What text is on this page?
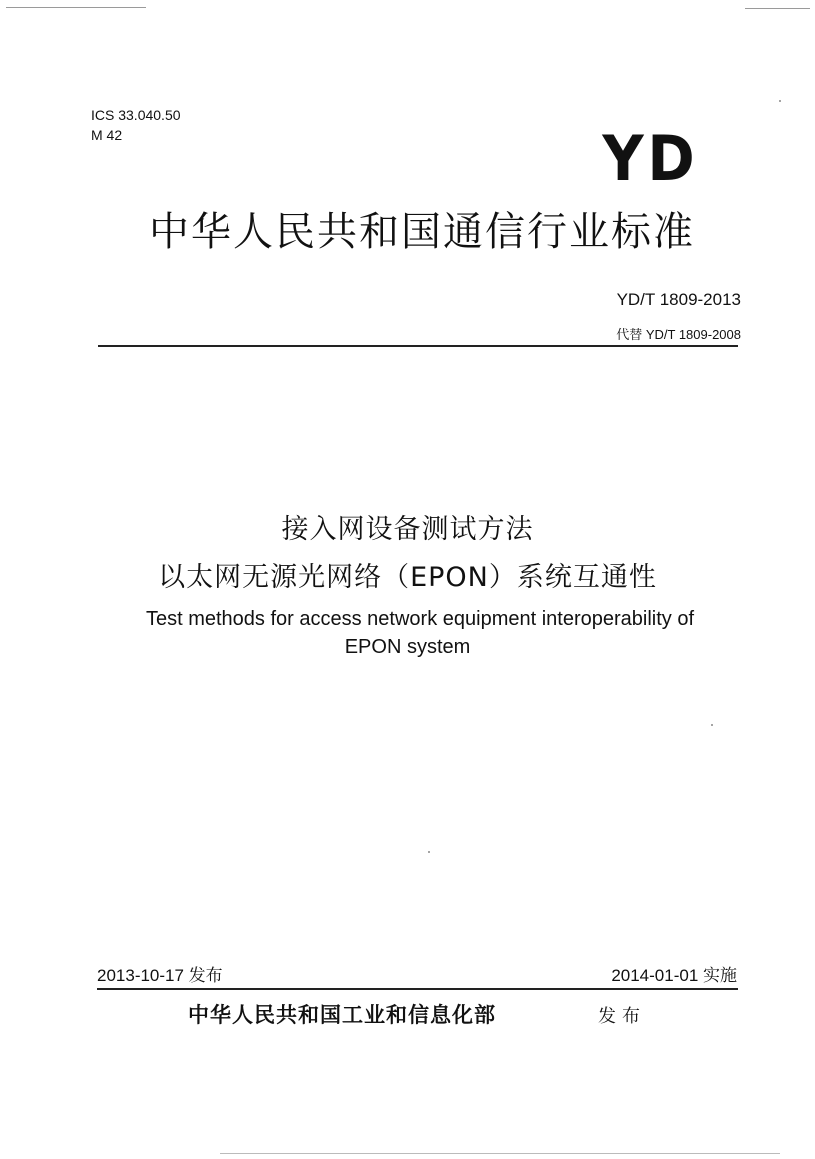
ICS 33.040.50
M 42	YD
中华人民共和国通信行业标准
YD/T 1809-2013
代替 YD/T 1809-2008
接入网设备测试方法
以太网无源光网络（EPON）系统互通性
Test methods for access network equipment interoperability of
EPON system
2013-10-17 发布	2014-01-01 实施
中华人民共和国工业和信息化部	发布
